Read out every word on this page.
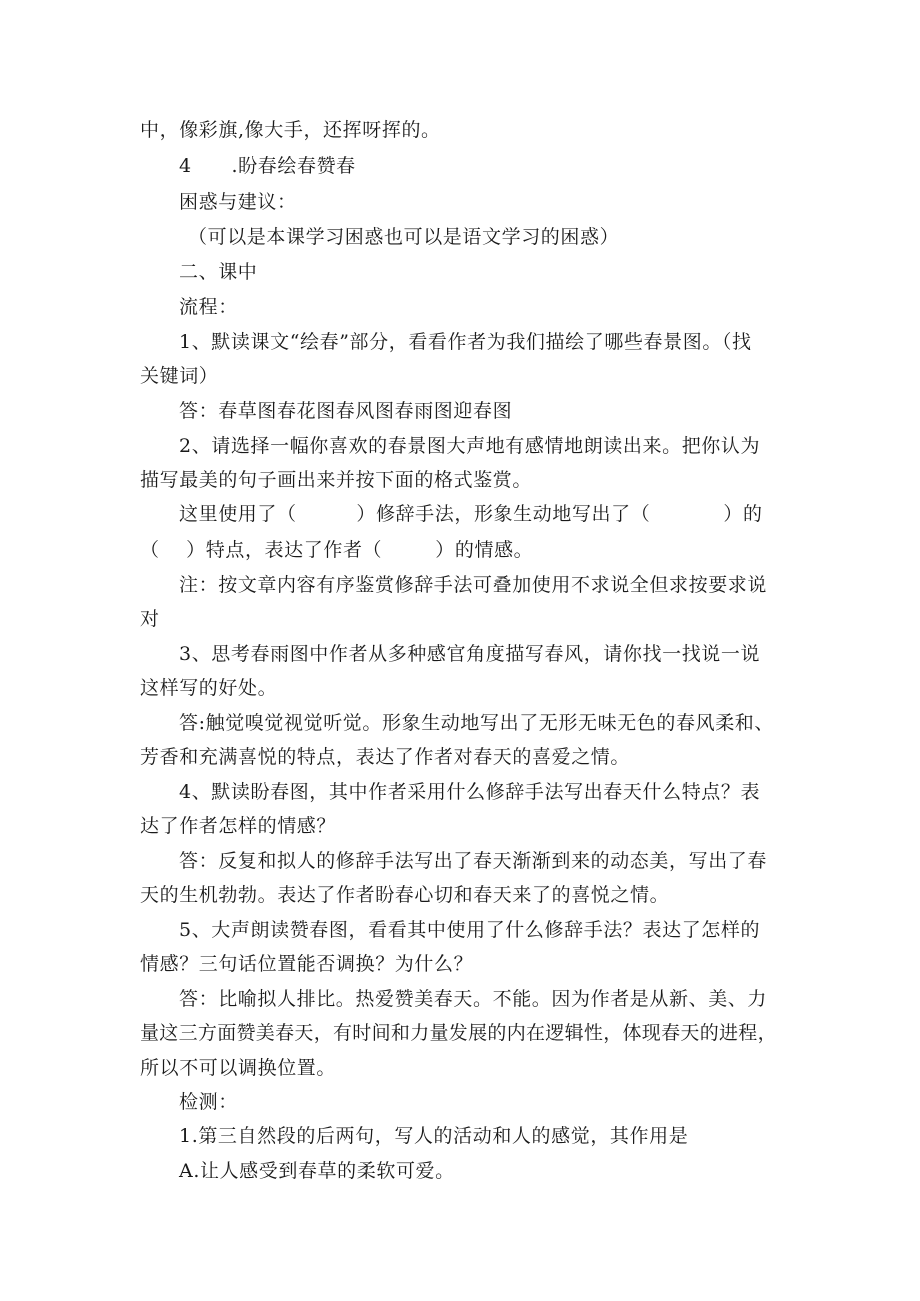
中，像彩旗,像大手，还挥呀挥的。
4      .盼春绘春赞春
困惑与建议：
（可以是本课学习困惑也可以是语文学习的困惑）
二、课中
流程：
1、默读课文“绘春”部分，看看作者为我们描绘了哪些春景图。（找
关键词）
答：春草图春花图春风图春雨图迎春图
2、请选择一幅你喜欢的春景图大声地有感情地朗读出来。把你认为
描写最美的句子画出来并按下面的格式鉴赏。
这里使用了（         ）修辞手法，形象生动地写出了（           ）的
（    ）特点，表达了作者（        ）的情感。
注：按文章内容有序鉴赏修辞手法可叠加使用不求说全但求按要求说
对
3、思考春雨图中作者从多种感官角度描写春风，请你找一找说一说
这样写的好处。
答:触觉嗅觉视觉听觉。形象生动地写出了无形无味无色的春风柔和、
芳香和充满喜悦的特点，表达了作者对春天的喜爱之情。
4、默读盼春图，其中作者采用什么修辞手法写出春天什么特点？表
达了作者怎样的情感？
答：反复和拟人的修辞手法写出了春天渐渐到来的动态美，写出了春
天的生机勃勃。表达了作者盼春心切和春天来了的喜悦之情。
5、大声朗读赞春图，看看其中使用了什么修辞手法？表达了怎样的
情感？三句话位置能否调换？为什么？
答：比喻拟人排比。热爱赞美春天。不能。因为作者是从新、美、力
量这三方面赞美春天，有时间和力量发展的内在逻辑性，体现春天的进程，
所以不可以调换位置。
检测：
1.第三自然段的后两句，写人的活动和人的感觉，其作用是
A.让人感受到春草的柔软可爱。
